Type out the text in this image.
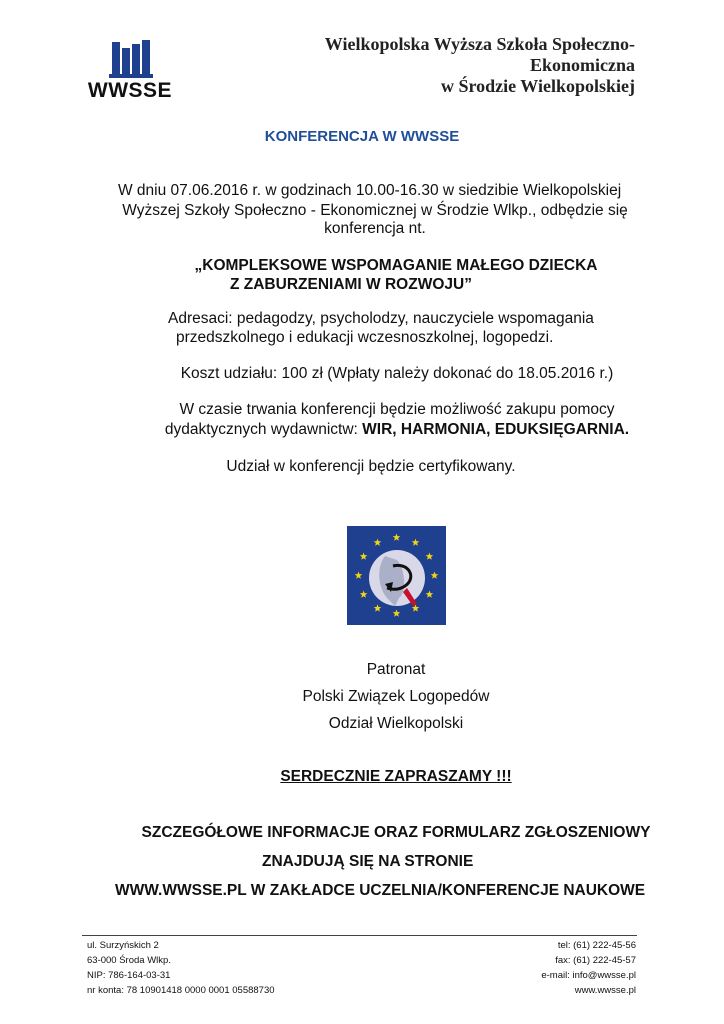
WWSSE
Wielkopolska Wyższa Szkoła Społeczno-Ekonomiczna
w Środzie Wielkopolskiej
KONFERENCJA W WWSSE
W dniu 07.06.2016 r. w godzinach 10.00-16.30 w siedzibie Wielkopolskiej
Wyższej Szkoły Społeczno - Ekonomicznej w Środzie Wlkp., odbędzie się
konferencja nt.
„KOMPLEKSOWE WSPOMAGANIE MAŁEGO DZIECKA
Z ZABURZENIAMI W ROZWOJU”
Adresaci: pedagodzy, psycholodzy, nauczyciele wspomagania
przedszkolnego i edukacji wczesnoszkolnej, logopedzi.
Koszt udziału: 100 zł (Wpłaty należy dokonać do 18.05.2016 r.)
W czasie trwania konferencji będzie możliwość zakupu pomocy
dydaktycznych wydawnictw: WIR, HARMONIA, EDUKSIĘGARNIA.
Udział w konferencji będzie certyfikowany.
Patronat
Polski Związek Logopedów
Odział Wielkopolski
SERDECZNIE ZAPRASZAMY !!!
SZCZEGÓŁOWE INFORMACJE ORAZ FORMULARZ ZGŁOSZENIOWY
ZNAJDUJĄ SIĘ NA STRONIE
WWW.WWSSE.PL W ZAKŁADCE UCZELNIA/KONFERENCJE NAUKOWE
ul. Surzyńskich 2
63-000 Środa Wlkp.
NIP: 786-164-03-31
nr konta: 78 10901418 0000 0001 05588730
tel: (61) 222-45-56
fax: (61) 222-45-57
e-mail: info@wwsse.pl
www.wwsse.pl
